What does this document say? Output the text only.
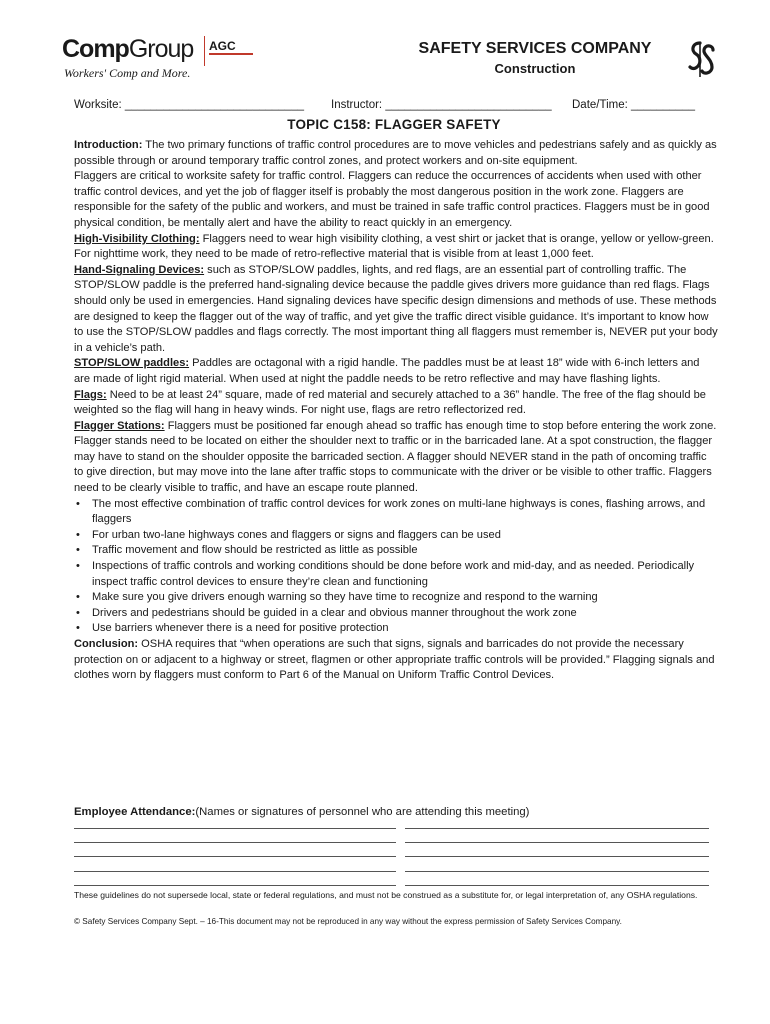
CompGroup AGC
Workers' Comp and More.
SAFETY SERVICES COMPANY
Construction
Worksite: ____________________________ Instructor: __________________________ Date/Time: __________
TOPIC C158: FLAGGER SAFETY

Introduction: The two primary functions of traffic control procedures are to move vehicles and pedestrians safely and as quickly as possible through or around temporary traffic control zones, and protect workers and on-site equipment.

Flaggers are critical to worksite safety for traffic control. Flaggers can reduce the occurrences of accidents when used with other traffic control devices, and yet the job of flagger itself is probably the most dangerous position in the work zone. Flaggers are responsible for the safety of the public and workers, and must be trained in safe traffic control practices. Flaggers must be in good physical condition, be mentally alert and have the ability to react quickly in an emergency.

High-Visibility Clothing: Flaggers need to wear high visibility clothing, a vest shirt or jacket that is orange, yellow or yellow-green. For nighttime work, they need to be made of retro-reflective material that is visible from at least 1,000 feet.

Hand-Signaling Devices: such as STOP/SLOW paddles, lights, and red flags, are an essential part of controlling traffic. The STOP/SLOW paddle is the preferred hand-signaling device because the paddle gives drivers more guidance than red flags. Flags should only be used in emergencies. Hand signaling devices have specific design dimensions and methods of use. These methods are designed to keep the flagger out of the way of traffic, and yet give the traffic direct visible guidance. It’s important to know how to use the STOP/SLOW paddles and flags correctly. The most important thing all flaggers must remember is, NEVER put your body in a vehicle’s path.

STOP/SLOW paddles: Paddles are octagonal with a rigid handle. The paddles must be at least 18” wide with 6-inch letters and are made of light rigid material. When used at night the paddle needs to be retro reflective and may have flashing lights.

Flags: Need to be at least 24” square, made of red material and securely attached to a 36” handle. The free of the flag should be weighted so the flag will hang in heavy winds. For night use, flags are retro reflectorized red.

Flagger Stations: Flaggers must be positioned far enough ahead so traffic has enough time to stop before entering the work zone. Flagger stands need to be located on either the shoulder next to traffic or in the barricaded lane. At a spot construction, the flagger may have to stand on the shoulder opposite the barricaded section. A flagger should NEVER stand in the path of oncoming traffic to give direction, but may move into the lane after traffic stops to communicate with the driver or be visible to other traffic. Flaggers need to be clearly visible to traffic, and have an escape route planned.

• The most effective combination of traffic control devices for work zones on multi-lane highways is cones, flashing arrows, and flaggers
• For urban two-lane highways cones and flaggers or signs and flaggers can be used
• Traffic movement and flow should be restricted as little as possible
• Inspections of traffic controls and working conditions should be done before work and mid-day, and as needed. Periodically inspect traffic control devices to ensure they’re clean and functioning
• Make sure you give drivers enough warning so they have time to recognize and respond to the warning
• Drivers and pedestrians should be guided in a clear and obvious manner throughout the work zone
• Use barriers whenever there is a need for positive protection

Conclusion: OSHA requires that “when operations are such that signs, signals and barricades do not provide the necessary protection on or adjacent to a highway or street, flagmen or other appropriate traffic controls will be provided.” Flagging signals and clothes worn by flaggers must conform to Part 6 of the Manual on Uniform Traffic Control Devices.

Employee Attendance:(Names or signatures of personnel who are attending this meeting)
These guidelines do not supersede local, state or federal regulations, and must not be construed as a substitute for, or legal interpretation of, any OSHA regulations.
© Safety Services Company Sept. – 16-This document may not be reproduced in any way without the express permission of Safety Services Company.
